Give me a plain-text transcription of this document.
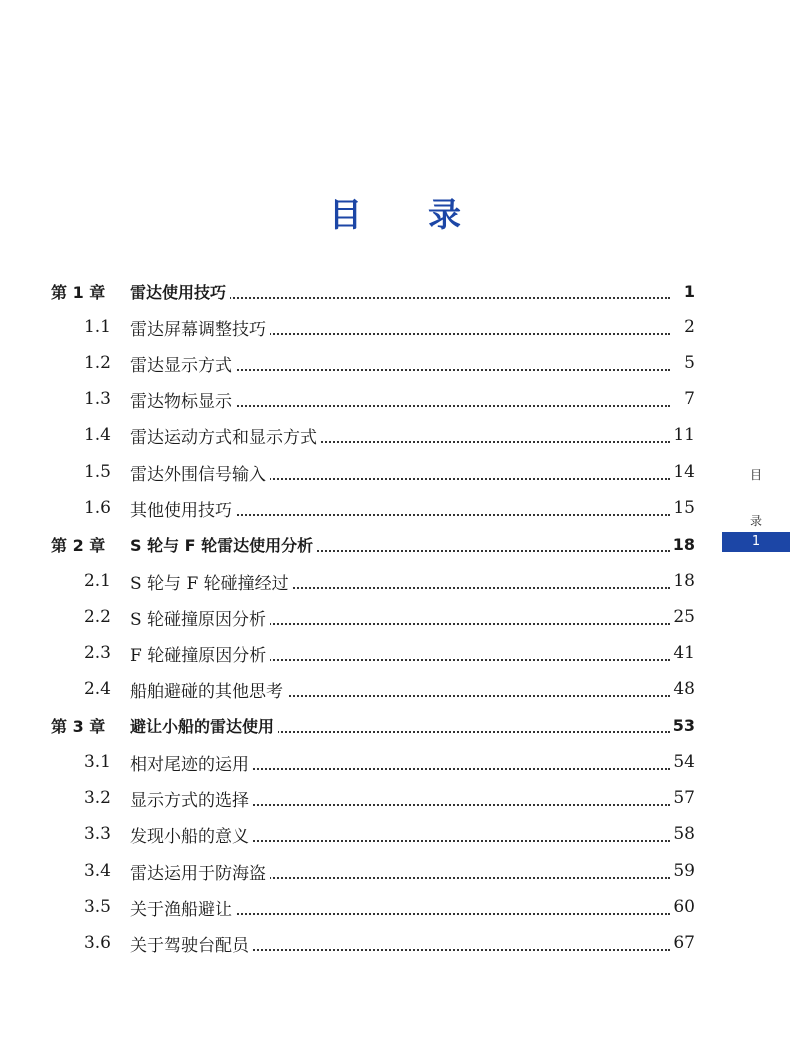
目 录
第 1 章 雷达使用技巧	1
1.1 雷达屏幕调整技巧	2
1.2 雷达显示方式	5
1.3 雷达物标显示	7
1.4 雷达运动方式和显示方式	11
1.5 雷达外围信号输入	14
1.6 其他使用技巧	15
第 2 章 S 轮与 F 轮雷达使用分析	18
2.1 S 轮与 F 轮碰撞经过	18
2.2 S 轮碰撞原因分析	25
2.3 F 轮碰撞原因分析	41
2.4 船舶避碰的其他思考	48
第 3 章 避让小船的雷达使用	53
3.1 相对尾迹的运用	54
3.2 显示方式的选择	57
3.3 发现小船的意义	58
3.4 雷达运用于防海盗	59
3.5 关于渔船避让	60
3.6 关于驾驶台配员	67
目
录
1
